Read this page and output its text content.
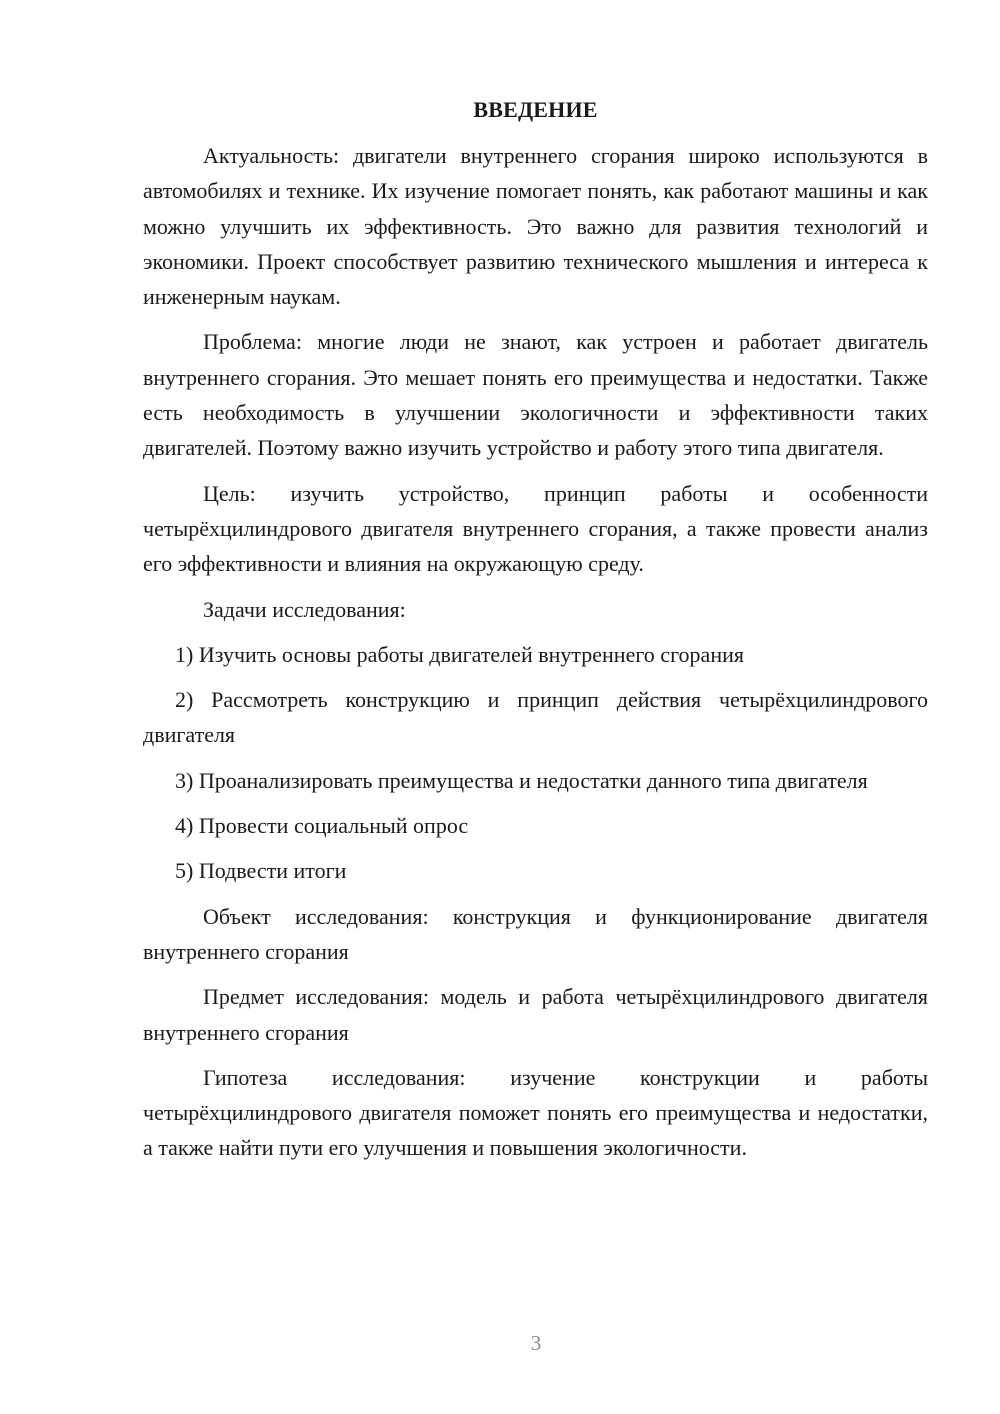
ВВЕДЕНИЕ

Актуальность: двигатели внутреннего сгорания широко используются в автомобилях и технике. Их изучение помогает понять, как работают машины и как можно улучшить их эффективность. Это важно для развития технологий и экономики. Проект способствует развитию технического мышления и интереса к инженерным наукам.

Проблема: многие люди не знают, как устроен и работает двигатель внутреннего сгорания. Это мешает понять его преимущества и недостатки. Также есть необходимость в улучшении экологичности и эффективности таких двигателей. Поэтому важно изучить устройство и работу этого типа двигателя.

Цель: изучить устройство, принцип работы и особенности четырёхцилиндрового двигателя внутреннего сгорания, а также провести анализ его эффективности и влияния на окружающую среду.

Задачи исследования:

1) Изучить основы работы двигателей внутреннего сгорания

2) Рассмотреть конструкцию и принцип действия четырёхцилиндрового двигателя

3) Проанализировать преимущества и недостатки данного типа двигателя

4) Провести социальный опрос

5) Подвести итоги

Объект исследования: конструкция и функционирование двигателя внутреннего сгорания

Предмет исследования: модель и работа четырёхцилиндрового двигателя внутреннего сгорания

Гипотеза исследования: изучение конструкции и работы четырёхцилиндрового двигателя поможет понять его преимущества и недостатки, а также найти пути его улучшения и повышения экологичности.

3
